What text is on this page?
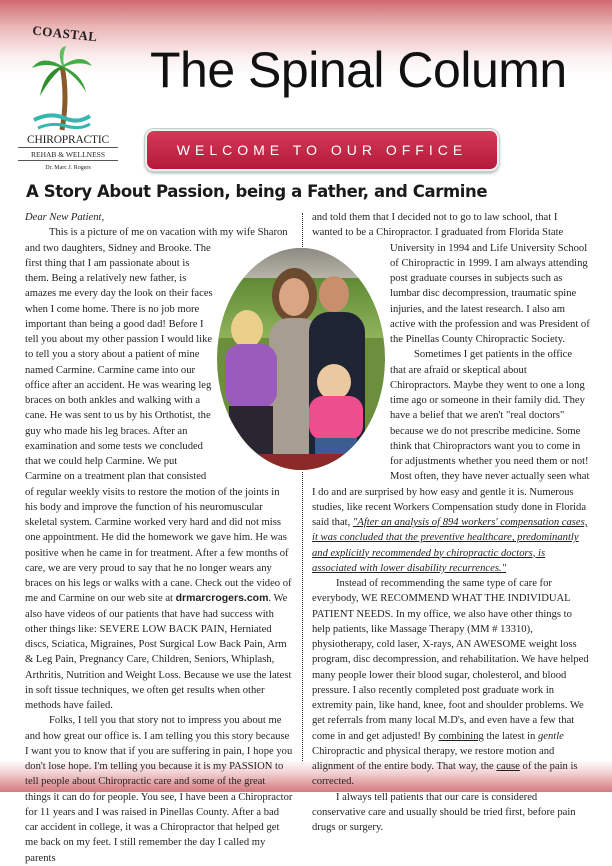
COASTAL
CHIROPRACTIC
REHAB & WELLNESS
Dr. Marc J. Rogers
The Spinal Column
WELCOME TO OUR OFFICE
A Story About Passion, being a Father, and Carmine

Dear New Patient,

This is a picture of me on vacation with my wife Sharon and two daughters, Sidney and Brooke. The first thing that I am passionate about is them. Being a relatively new father, is amazes me every day the look on their faces when I come home. There is no job more important than being a good dad! Before I tell you about my other passion I would like to tell you a story about a patient of mine named Carmine. Carmine came into our office after an accident. He was wearing leg braces on both ankles and walking with a cane. He was sent to us by his Orthotist, the guy who made his leg braces. After an examination and some tests we concluded that we could help Carmine. We put Carmine on a treatment plan that consisted of regular weekly visits to restore the motion of the joints in his body and improve the function of his neuromuscular skeletal system. Carmine worked very hard and did not miss one appointment. He did the homework we gave him. He was positive when he came in for treatment. After a few months of care, we are very proud to say that he no longer wears any braces on his legs or walks with a cane. Check out the video of me and Carmine on our web site at drmarcrogers.com. We also have videos of our patients that have had success with other things like: SEVERE LOW BACK PAIN, Herniated discs, Sciatica, Migraines, Post Surgical Low Back Pain, Arm & Leg Pain, Pregnancy Care, Children, Seniors, Whiplash, Arthritis, Nutrition and Weight Loss. Because we use the latest in soft tissue techniques, we often get results when other methods have failed.

Folks, I tell you that story not to impress you about me and how great our office is. I am telling you this story because I want you to know that if you are suffering in pain, I hope you don't lose hope. I'm telling you because it is my PASSION to tell people about Chiropractic care and some of the great things it can do for people. You see, I have been a Chiropractor for 11 years and I was raised in Pinellas County. After a bad car accident in college, it was a Chiropractor that helped get me back on my feet. I still remember the day I called my parents

and told them that I decided not to go to law school, that I wanted to be a Chiropractor. I graduated from Florida State University in 1994 and Life University School of Chiropractic in 1999. I am always attending post graduate courses in subjects such as lumbar disc decompression, traumatic spine injuries, and the latest research. I also am active with the profession and was President of the Pinellas County Chiropractic Society.

Sometimes I get patients in the office that are afraid or skeptical about Chiropractors. Maybe they went to one a long time ago or someone in their family did. They have a belief that we aren't "real doctors" because we do not prescribe medicine. Some think that Chiropractors want you to come in for adjustments whether you need them or not! Most often, they have never actually seen what I do and are surprised by how easy and gentle it is. Numerous studies, like recent Workers Compensation study done in Florida said that, "After an analysis of 894 workers' compensation cases, it was concluded that the preventive healthcare, predominantly and explicitly recommended by chiropractic doctors, is associated with lower disability recurrences."

Instead of recommending the same type of care for everybody, WE RECOMMEND WHAT THE INDIVIDUAL PATIENT NEEDS. In my office, we also have other things to help patients, like Massage Therapy (MM # 13310), physiotherapy, cold laser, X-rays, AN AWESOME weight loss program, disc decompression, and rehabilitation. We have helped many people lower their blood sugar, cholesterol, and blood pressure. I also recently completed post graduate work in extremity pain, like hand, knee, foot and shoulder problems. We get referrals from many local M.D's, and even have a few that come in and get adjusted! By combining the latest in gentle Chiropractic and physical therapy, we restore motion and alignment of the entire body. That way, the cause of the pain is corrected.

I always tell patients that our care is considered conservative care and usually should be tried first, before pain drugs or surgery.
